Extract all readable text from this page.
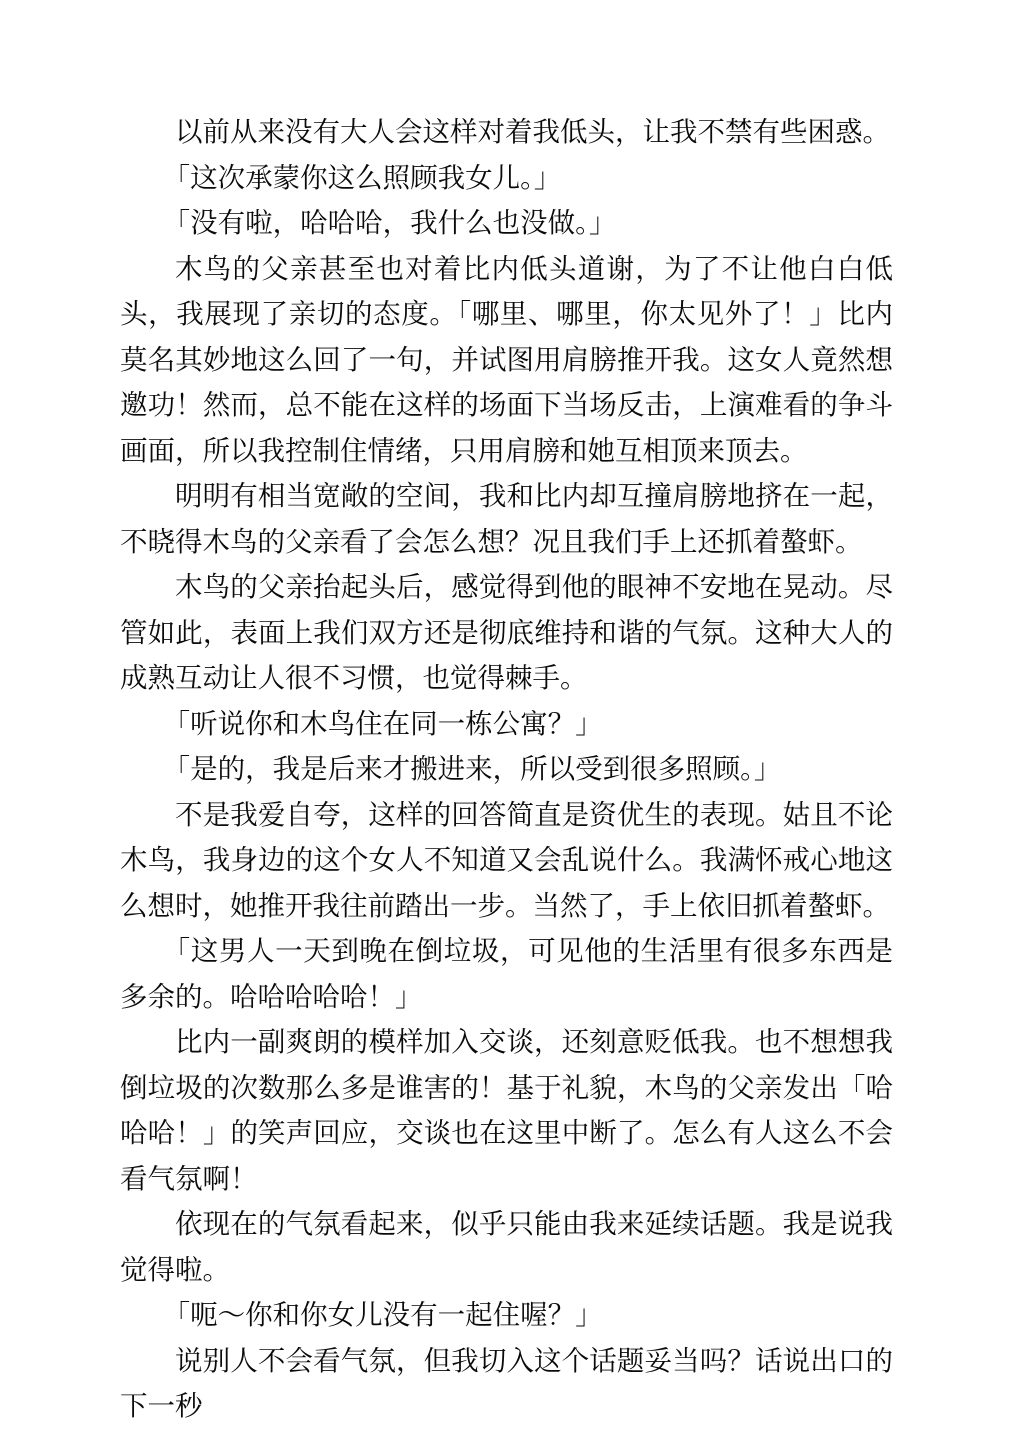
以前从来没有大人会这样对着我低头，让我不禁有些困惑。

「这次承蒙你这么照顾我女儿。」

「没有啦，哈哈哈，我什么也没做。」

木鸟的父亲甚至也对着比内低头道谢，为了不让他白白低头，我展现了亲切的态度。「哪里、哪里，你太见外了！」比内莫名其妙地这么回了一句，并试图用肩膀推开我。这女人竟然想邀功！然而，总不能在这样的场面下当场反击，上演难看的争斗画面，所以我控制住情绪，只用肩膀和她互相顶来顶去。

明明有相当宽敞的空间，我和比内却互撞肩膀地挤在一起，不晓得木鸟的父亲看了会怎么想？况且我们手上还抓着螯虾。

木鸟的父亲抬起头后，感觉得到他的眼神不安地在晃动。尽管如此，表面上我们双方还是彻底维持和谐的气氛。这种大人的成熟互动让人很不习惯，也觉得棘手。

「听说你和木鸟住在同一栋公寓？」

「是的，我是后来才搬进来，所以受到很多照顾。」

不是我爱自夸，这样的回答简直是资优生的表现。姑且不论木鸟，我身边的这个女人不知道又会乱说什么。我满怀戒心地这么想时，她推开我往前踏出一步。当然了，手上依旧抓着螯虾。

「这男人一天到晚在倒垃圾，可见他的生活里有很多东西是多余的。哈哈哈哈哈！」

比内一副爽朗的模样加入交谈，还刻意贬低我。也不想想我倒垃圾的次数那么多是谁害的！基于礼貌，木鸟的父亲发出「哈哈哈！」的笑声回应，交谈也在这里中断了。怎么有人这么不会看气氛啊！

依现在的气氛看起来，似乎只能由我来延续话题。我是说我觉得啦。

「呃～你和你女儿没有一起住喔？」

说别人不会看气氛，但我切入这个话题妥当吗？话说出口的下一秒
